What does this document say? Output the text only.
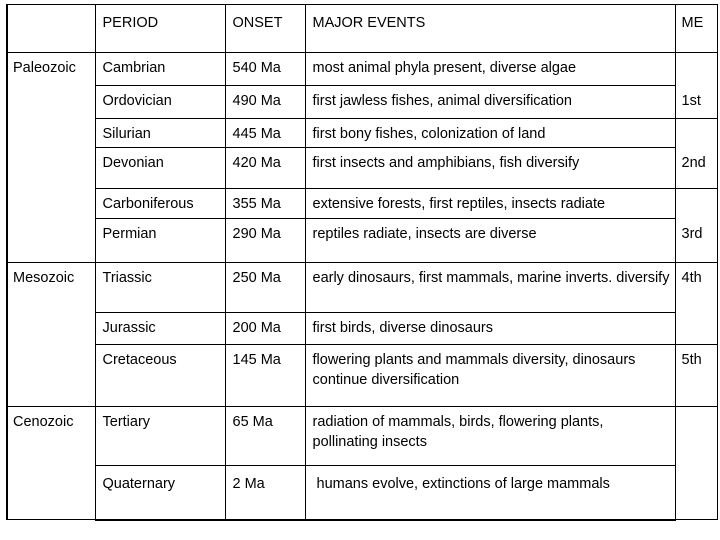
	PERIOD	ONSET	MAJOR EVENTS	ME
Paleozoic	Cambrian	540 Ma	most animal phyla present, diverse algae	1st
	Ordovician	490 Ma	first jawless fishes, animal diversification	
	Silurian	445 Ma	first bony fishes, colonization of land	2nd
	Devonian	420 Ma	first insects and amphibians, fish diversify	
	Carboniferous	355 Ma	extensive forests, first reptiles, insects radiate	3rd
	Permian	290 Ma	reptiles radiate, insects are diverse	
Mesozoic	Triassic	250 Ma	early dinosaurs, first mammals, marine inverts. diversify	4th
	Jurassic	200 Ma	first birds, diverse dinosaurs	
	Cretaceous	145 Ma	flowering plants and mammals diversity, dinosaurs continue diversification	5th
Cenozoic	Tertiary	65 Ma	radiation of mammals, birds, flowering plants, pollinating insects	
	Quaternary	2 Ma	humans evolve, extinctions of large mammals	
